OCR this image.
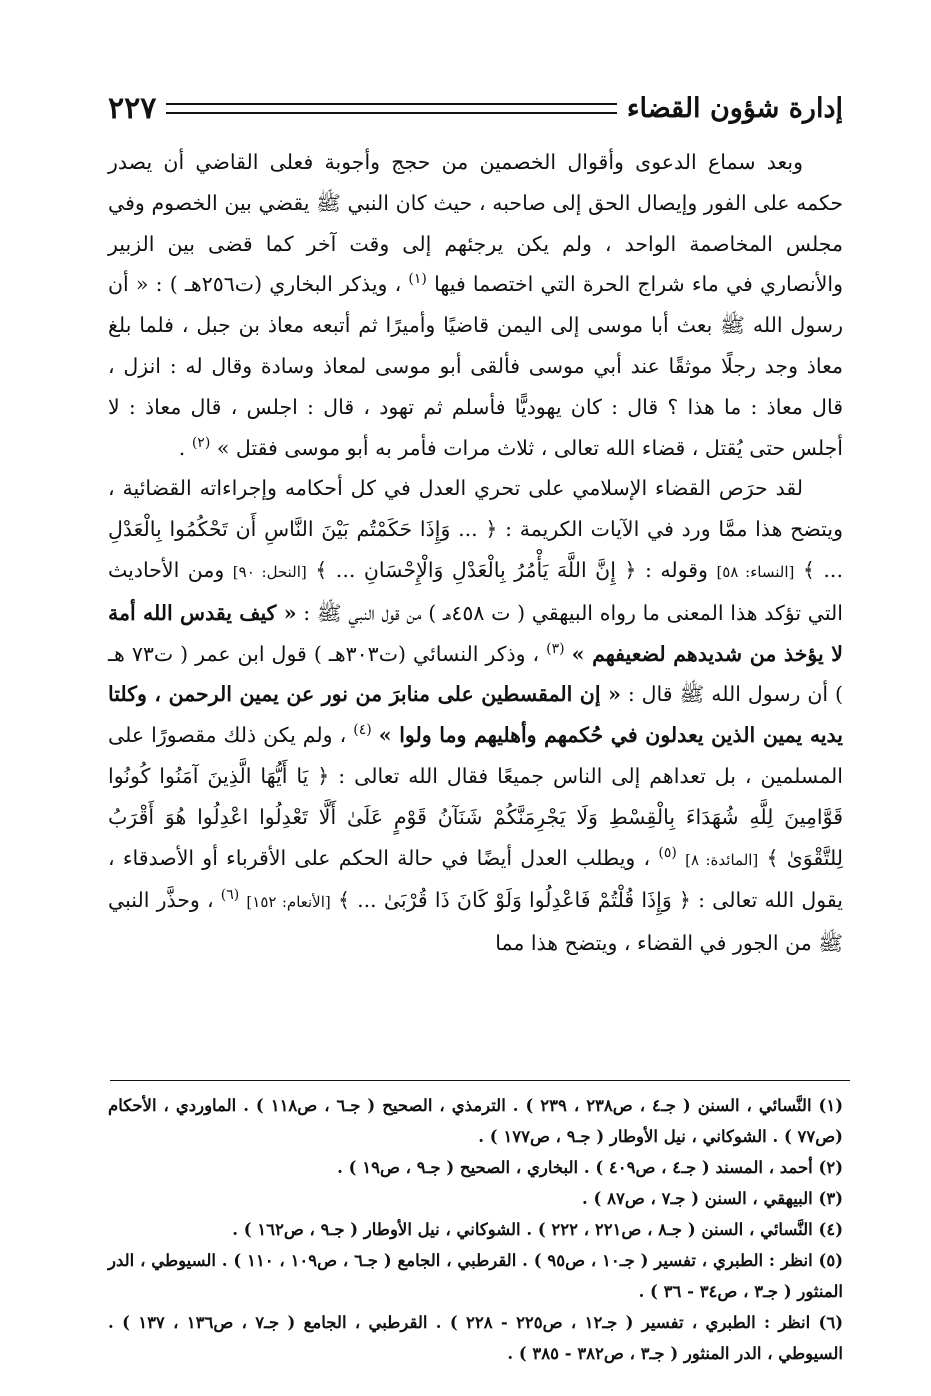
إدارة شؤون القضاء
٢٢٧

وبعد سماع الدعوى وأقوال الخصمين من حجج وأجوبة فعلى القاضي أن يصدر حكمه على الفور وإيصال الحق إلى صاحبه ، حيث كان النبي ﷺ يقضي بين الخصوم وفي مجلس المخاصمة الواحد ، ولم يكن يرجئهم إلى وقت آخر كما قضى بين الزبير والأنصاري في ماء شراج الحرة التي اختصما فيها $^{(١)}$ ، ويذكر البخاري (ت٢٥٦هـ ) : « أن رسول الله ﷺ بعث أبا موسى إلى اليمن قاضيًا وأميرًا ثم أتبعه معاذ بن جبل ، فلما بلغ معاذ وجد رجلًا موثقًا عند أبي موسى فألقى أبو موسى لمعاذ وسادة وقال له : انزل ، قال معاذ : ما هذا ؟ قال : كان يهوديًّا فأسلم ثم تهود ، قال : اجلس ، قال معاذ : لا أجلس حتى يُقتل ، قضاء الله تعالى ، ثلاث مرات فأمر به أبو موسى فقتل » $^{(٢)}$ .

لقد حرَص القضاء الإسلامي على تحري العدل في كل أحكامه وإجراءاته القضائية ، ويتضح هذا ممَّا ورد في الآيات الكريمة : ﴿ ... وَإِذَا حَكَمْتُم بَيْنَ النَّاسِ أَن تَحْكُمُوا بِالْعَدْلِ ... ﴾ [النساء: ٥٨] وقوله : ﴿ إِنَّ اللَّهَ يَأْمُرُ بِالْعَدْلِ وَالْإِحْسَانِ ... ﴾ [النحل: ٩٠] ومن الأحاديث التي تؤكد هذا المعنى ما رواه البيهقي ( ت ٤٥٨هـ ) من قول النبي ﷺ : « كيف يقدس الله أمة لا يؤخذ من شديدهم لضعيفهم » $^{(٣)}$ ، وذكر النسائي (ت٣٠٣هـ ) قول ابن عمر ( ت٧٣ هـ ) أن رسول الله ﷺ قال : « إن المقسطين على منابرَ من نور عن يمين الرحمن ، وكلتا يديه يمين الذين يعدلون في حُكمهم وأهليهم وما ولوا » $^{(٤)}$ ، ولم يكن ذلك مقصورًا على المسلمين ، بل تعداهم إلى الناس جميعًا فقال الله تعالى : ﴿ يَا أَيُّهَا الَّذِينَ آمَنُوا كُونُوا قَوَّامِينَ لِلَّهِ شُهَدَاءَ بِالْقِسْطِ وَلَا يَجْرِمَنَّكُمْ شَنَآنُ قَوْمٍ عَلَىٰ أَلَّا تَعْدِلُوا اعْدِلُوا هُوَ أَقْرَبُ لِلتَّقْوَىٰ ﴾ [المائدة: ٨] $^{(٥)}$ ، ويطلب العدل أيضًا في حالة الحكم على الأقرباء أو الأصدقاء ، يقول الله تعالى : ﴿ وَإِذَا قُلْتُمْ فَاعْدِلُوا وَلَوْ كَانَ ذَا قُرْبَىٰ ... ﴾ [الأنعام: ١٥٢] $^{(٦)}$ ، وحذَّر النبي ﷺ من الجور في القضاء ، ويتضح هذا مما

(١) النَّسائي ، السنن ( جـ٤ ، ص٢٣٨ ، ٢٣٩ ) . الترمذي ، الصحيح ( جـ٦ ، ص١١٨ ) . الماوردي ، الأحكام (ص٧٧ ) . الشوكاني ، نيل الأوطار ( جـ٩ ، ص١٧٧ ) .

(٢) أحمد ، المسند ( جـ٤ ، ص٤٠٩ ) . البخاري ، الصحيح ( جـ٩ ، ص١٩ ) .

(٣) البيهقي ، السنن ( جـ٧ ، ص٨٧ ) .

(٤) النَّسائي ، السنن ( جـ٨ ، ص٢٢١ ، ٢٢٢ ) . الشوكاني ، نيل الأوطار ( جـ٩ ، ص١٦٢ ) .

(٥) انظر : الطبري ، تفسير ( جـ١٠ ، ص٩٥ ) . القرطبي ، الجامع ( جـ٦ ، ص١٠٩ ، ١١٠ ) . السيوطي ، الدر المنثور ( جـ٣ ، ص٣٤ - ٣٦ ) .

(٦) انظر : الطبري ، تفسير ( جـ١٢ ، ص٢٢٥ - ٢٢٨ ) . القرطبي ، الجامع ( جـ٧ ، ص١٣٦ ، ١٣٧ ) . السيوطي ، الدر المنثور ( جـ٣ ، ص٣٨٢ - ٣٨٥ ) .
